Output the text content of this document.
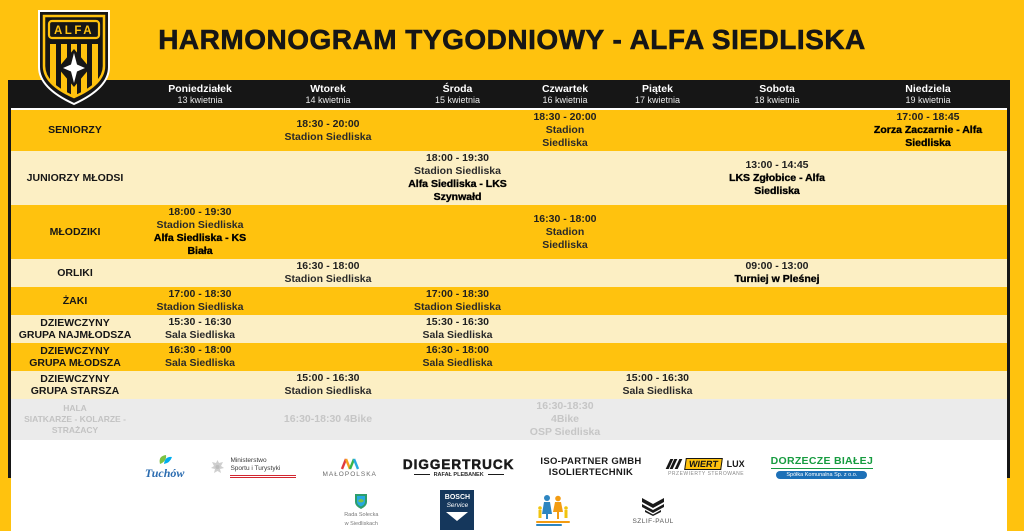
ALFA	HARMONOGRAM TYGODNIOWY - ALFA SIEDLISKA
Poniedziałek
13 kwietnia
Wtorek
14 kwietnia
Środa
15 kwietnia
Czwartek
16 kwietnia
Piątek
17 kwietnia
Sobota
18 kwietnia
Niedziela
19 kwietnia
SENIORZY
18:30 - 20:00
Stadion Siedliska
18:30 - 20:00
Stadion Siedliska
17:00 - 18:45
Zorza Zaczarnie - Alfa Siedliska
JUNIORZY MŁODSI
18:00 - 19:30
Stadion Siedliska
Alfa Siedliska - LKS Szynwałd
13:00 - 14:45
LKS Zgłobice - Alfa Siedliska
MŁODZIKI
18:00 - 19:30
Stadion Siedliska
Alfa Siedliska - KS Biała
16:30 - 18:00
Stadion Siedliska
ORLIKI
16:30 - 18:00
Stadion Siedliska
09:00 - 13:00
Turniej w Pleśnej
ŻAKI
17:00 - 18:30
Stadion Siedliska
17:00 - 18:30
Stadion Siedliska
DZIEWCZYNY
GRUPA NAJMŁODSZA
15:30 - 16:30
Sala Siedliska
15:30 - 16:30
Sala Siedliska
DZIEWCZYNY
GRUPA MŁODSZA
16:30 - 18:00
Sala Siedliska
16:30 - 18:00
Sala Siedliska
DZIEWCZYNY
GRUPA STARSZA
15:00 - 16:30
Stadion Siedliska
15:00 - 16:30
Sala Siedliska
HALA
SIATKARZE - KOLARZE - STRAŻACY
16:30-18:30 4Bike
16:30-18:30 4Bike
OSP Siedliska
Tuchów
Ministerstwo
Sportu i Turystyki
MAŁOPOLSKA
DIGGERTRUCK
RAFAŁ PLEBANEK
ISO-PARTNER GMBH
ISOLIERTECHNIK
WIERT LUX
PRZEWIERTY STEROWANE
DORZECZE BIAŁEJ
Spółka Komunalna Sp. z o.o.
Rada Sołecka
w Siedliskach
BOSCH
Service
SZLIF-PAUL
